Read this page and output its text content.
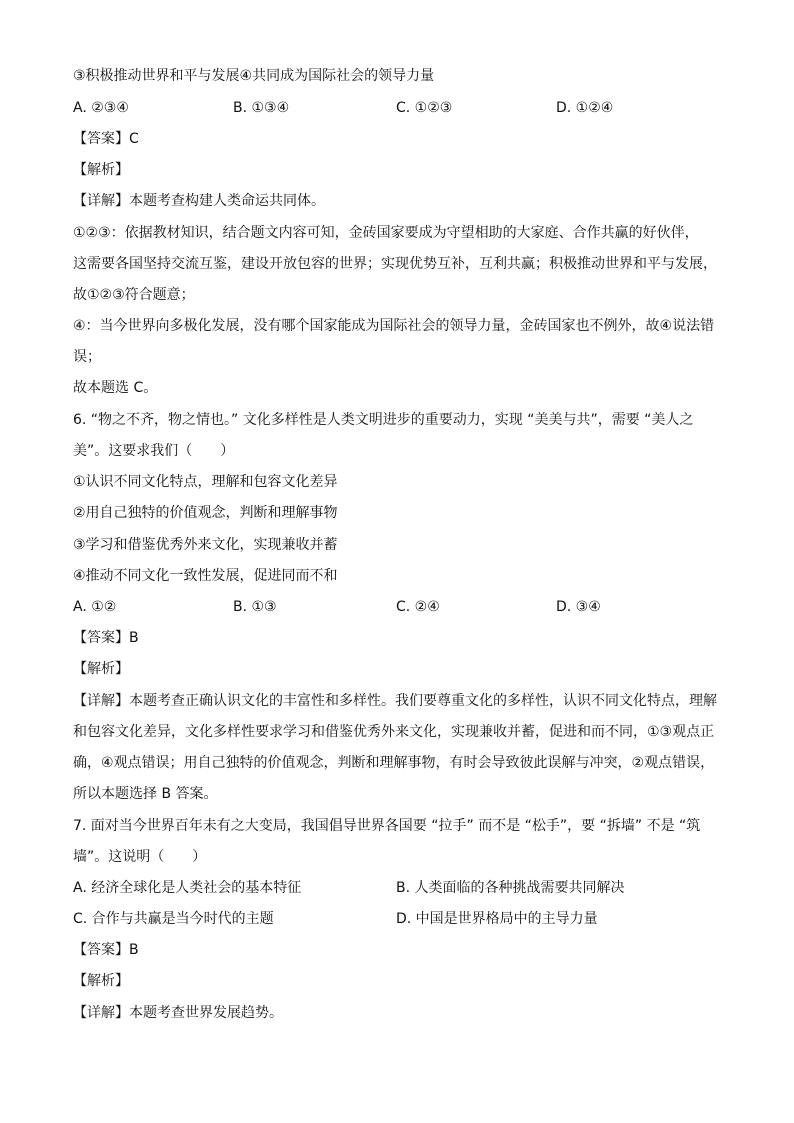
③积极推动世界和平与发展④共同成为国际社会的领导力量
A. ②③④	B. ①③④	C. ①②③	D. ①②④
【答案】C
【解析】
【详解】本题考查构建人类命运共同体。
①②③：依据教材知识，结合题文内容可知，金砖国家要成为守望相助的大家庭、合作共赢的好伙伴，
这需要各国坚持交流互鉴，建设开放包容的世界；实现优势互补，互利共赢；积极推动世界和平与发展，
故①②③符合题意；
④：当今世界向多极化发展，没有哪个国家能成为国际社会的领导力量，金砖国家也不例外，故④说法错
误；
故本题选 C。
6. “物之不齐，物之情也。” 文化多样性是人类文明进步的重要动力，实现 “美美与共”，需要 “美人之
美”。这要求我们（　　）
①认识不同文化特点，理解和包容文化差异
②用自己独特的价值观念，判断和理解事物
③学习和借鉴优秀外来文化，实现兼收并蓄
④推动不同文化一致性发展，促进同而不和
A. ①②	B. ①③	C. ②④	D. ③④
【答案】B
【解析】
【详解】本题考查正确认识文化的丰富性和多样性。我们要尊重文化的多样性，认识不同文化特点，理解
和包容文化差异，文化多样性要求学习和借鉴优秀外来文化，实现兼收并蓄，促进和而不同，①③观点正
确，④观点错误；用自己独特的价值观念，判断和理解事物，有时会导致彼此误解与冲突，②观点错误，
所以本题选择 B 答案。
7. 面对当今世界百年未有之大变局，我国倡导世界各国要 “拉手” 而不是 “松手”，要 “拆墙” 不是 “筑
墙”。这说明（　　）
A. 经济全球化是人类社会的基本特征	B. 人类面临的各种挑战需要共同解决
C. 合作与共赢是当今时代的主题	D. 中国是世界格局中的主导力量
【答案】B
【解析】
【详解】本题考查世界发展趋势。
